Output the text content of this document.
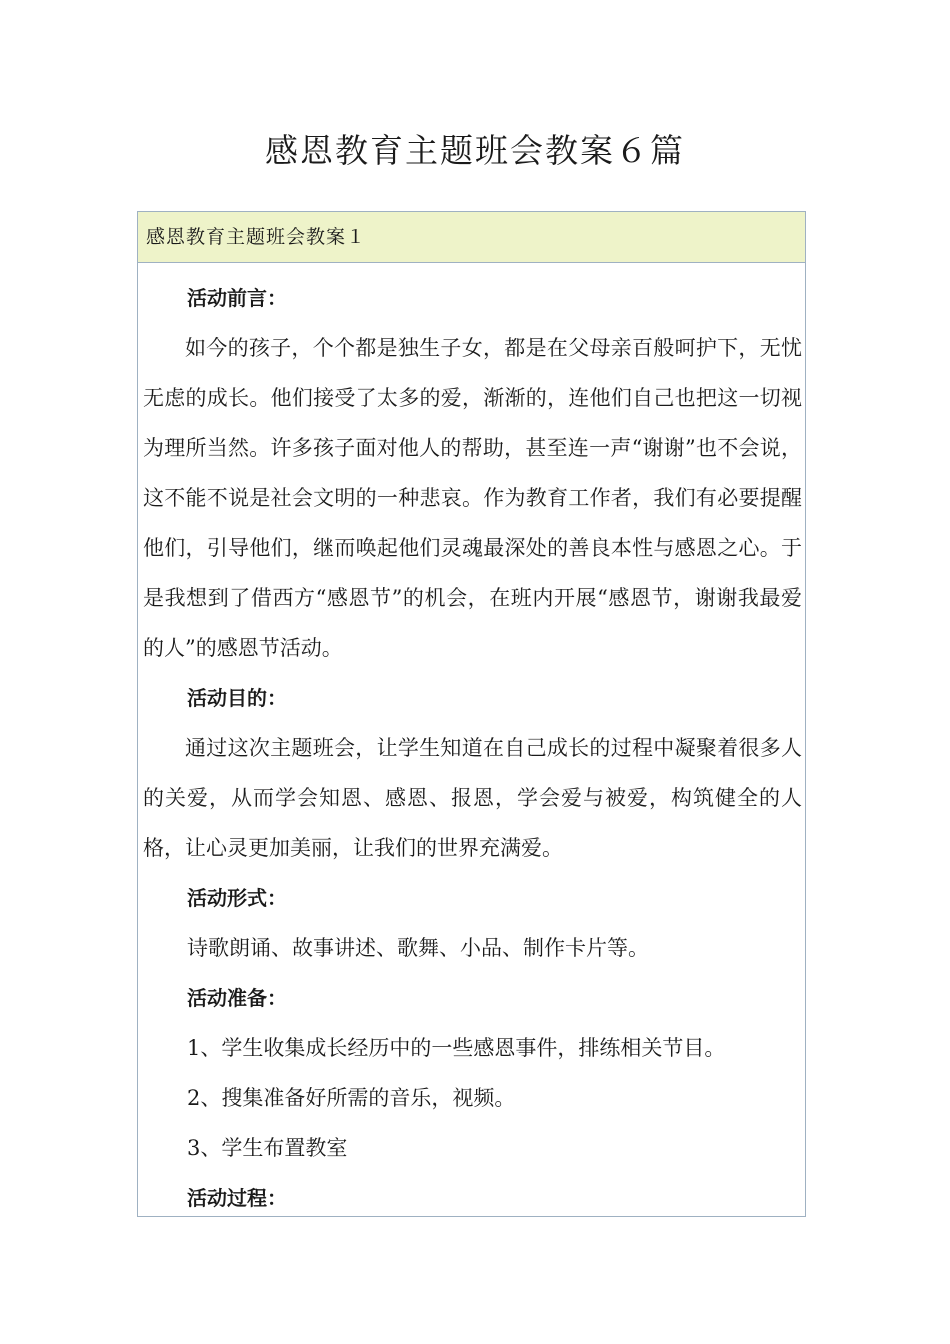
感恩教育主题班会教案６篇
感恩教育主题班会教案１

活动前言：

如今的孩子，个个都是独生子女，都是在父母亲百般呵护下，无忧无虑的成长。他们接受了太多的爱，渐渐的，连他们自己也把这一切视为理所当然。许多孩子面对他人的帮助，甚至连一声“谢谢”也不会说，这不能不说是社会文明的一种悲哀。作为教育工作者，我们有必要提醒他们，引导他们，继而唤起他们灵魂最深处的善良本性与感恩之心。于是我想到了借西方“感恩节”的机会，在班内开展“感恩节，谢谢我最爱的人”的感恩节活动。

活动目的：

通过这次主题班会，让学生知道在自己成长的过程中凝聚着很多人的关爱，从而学会知恩、感恩、报恩，学会爱与被爱，构筑健全的人格，让心灵更加美丽，让我们的世界充满爱。

活动形式：

诗歌朗诵、故事讲述、歌舞、小品、制作卡片等。

活动准备：

1、学生收集成长经历中的一些感恩事件，排练相关节目。

2、搜集准备好所需的音乐，视频。

3、学生布置教室

活动过程：
